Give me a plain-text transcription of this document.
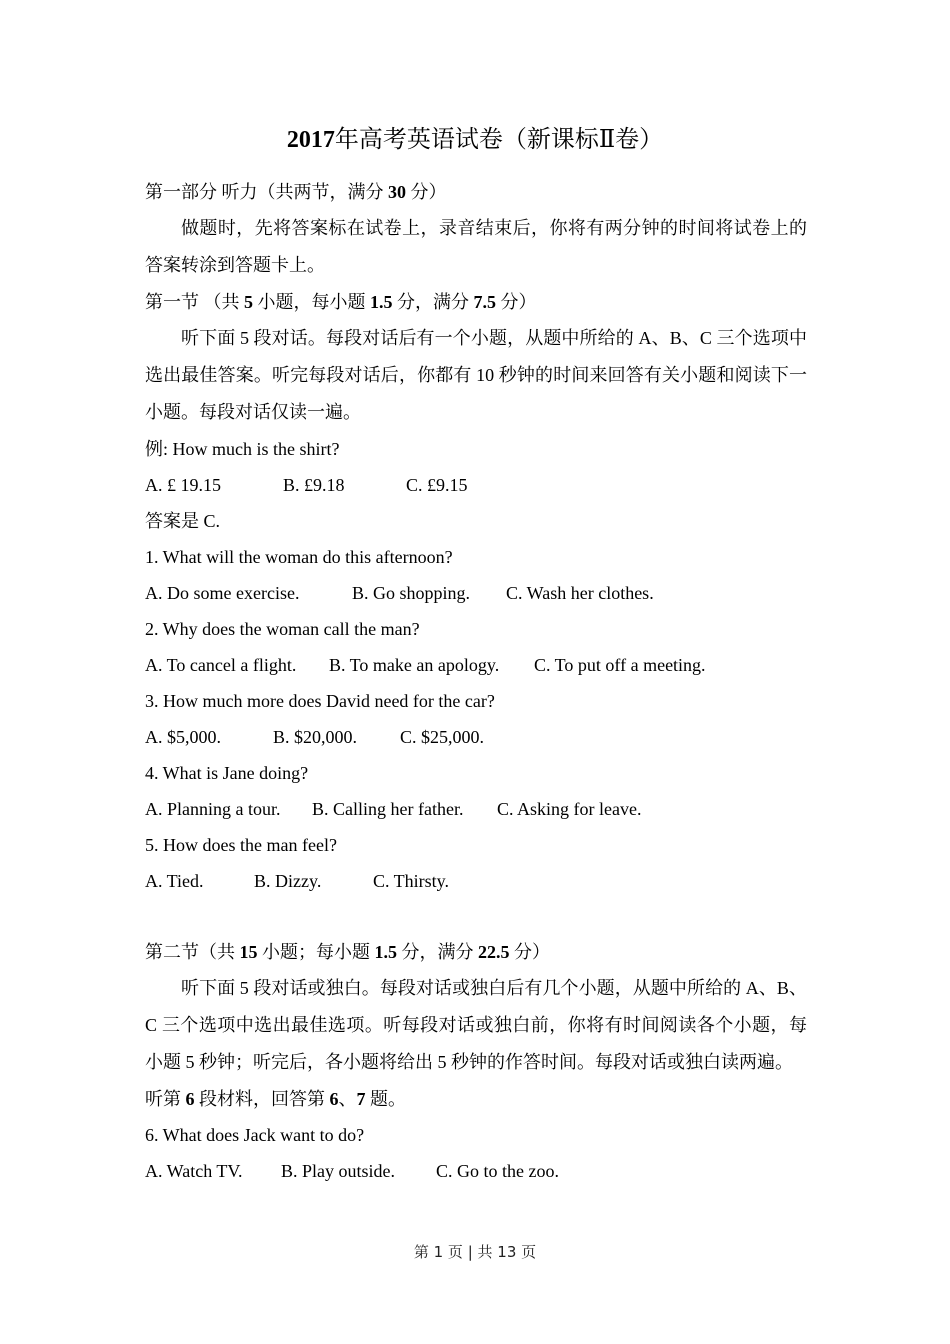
2017年高考英语试卷（新课标Ⅱ卷）
第一部分 听力（共两节，满分 30 分）
做题时，先将答案标在试卷上，录音结束后，你将有两分钟的时间将试卷上的答案转涂到答题卡上。
第一节 （共 5 小题，每小题 1.5 分，满分 7.5 分）
听下面 5 段对话。每段对话后有一个小题，从题中所给的 A、B、C 三个选项中选出最佳答案。听完每段对话后，你都有 10 秒钟的时间来回答有关小题和阅读下一小题。每段对话仅读一遍。
例: How much is the shirt?
A. £ 19.15	B. £9.18	C. £9.15
答案是 C.
1. What will the woman do this afternoon?
A. Do some exercise.	B. Go shopping. C. Wash her clothes.
2. Why does the woman call the man?
A. To cancel a flight. B. To make an apology. C. To put off a meeting.
3. How much more does David need for the car?
A. $5,000.	B. $20,000. C. $25,000.
4. What is Jane doing?
A. Planning a tour. B. Calling her father. C. Asking for leave.
5. How does the man feel?
A. Tied.	B. Dizzy.	C. Thirsty.
第二节（共 15 小题；每小题 1.5 分，满分 22.5 分）
听下面 5 段对话或独白。每段对话或独白后有几个小题，从题中所给的 A、B、C 三个选项中选出最佳选项。听每段对话或独白前，你将有时间阅读各个小题，每小题 5 秒钟；听完后，各小题将给出 5 秒钟的作答时间。每段对话或独白读两遍。
听第 6 段材料，回答第 6、7 题。
6. What does Jack want to do?
A. Watch TV. B. Play outside. C. Go to the zoo.
第 1 页 | 共 13 页
